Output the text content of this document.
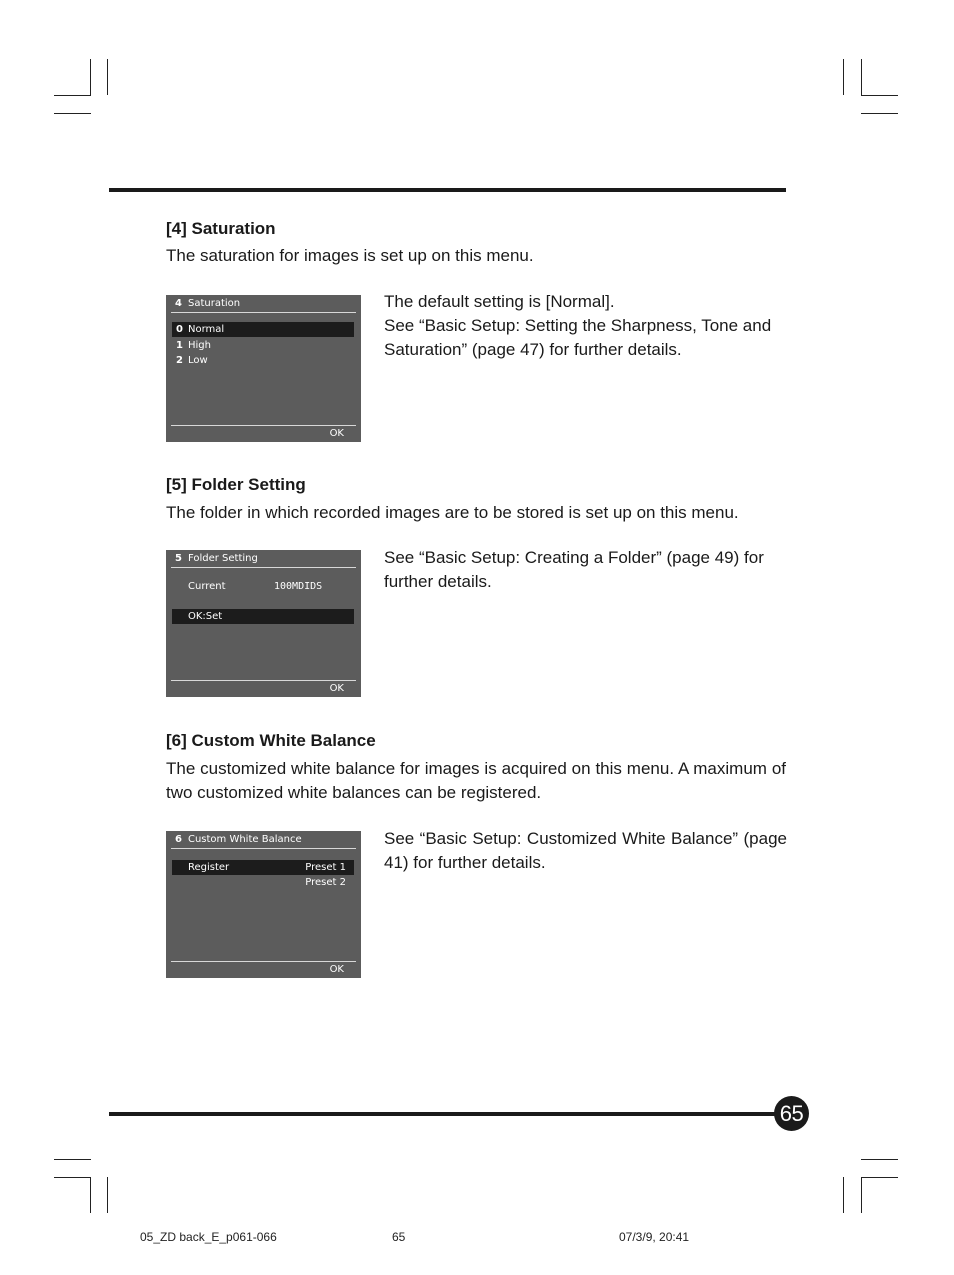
[4] Saturation

The saturation for images is set up on this menu.

4 Saturation
0 Normal
1 High
2 Low
OK

The default setting is [Normal].

See “Basic Setup: Setting the Sharpness, Tone and Saturation” (page 47) for further details.

[5] Folder Setting

The folder in which recorded images are to be stored is set up on this menu.

5 Folder Setting
Current	100MDIDS
OK:Set
OK

See “Basic Setup: Creating a Folder” (page 49) for further details.

[6] Custom White Balance

The customized white balance for images is acquired on this menu. A maximum of two customized white balances can be registered.

6 Custom White Balance
Register	Preset 1
Preset 2
OK

See “Basic Setup: Customized White Balance” (page 41) for further details.

65
05_ZD back_E_p061-066	65	07/3/9, 20:41
